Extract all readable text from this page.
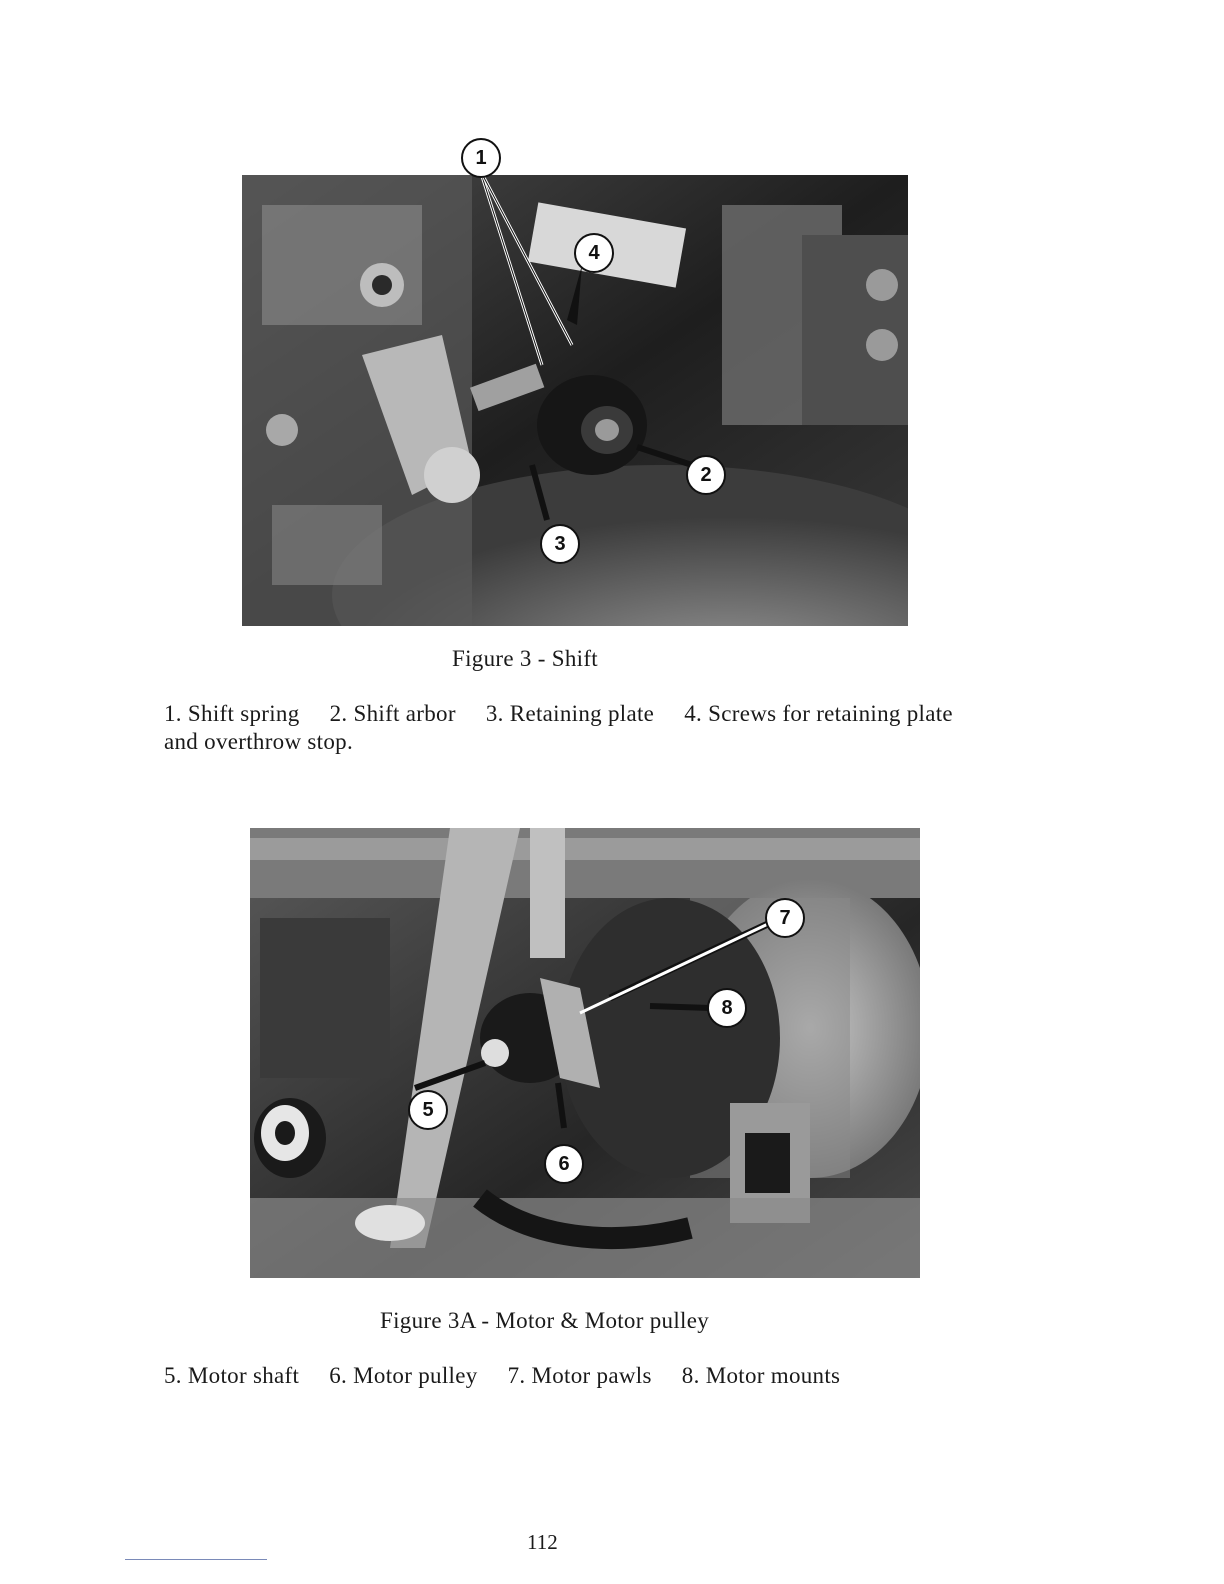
1
4
2
3
Figure 3 - Shift
1. Shift spring 2. Shift arbor 3. Retaining plate 4. Screws for retaining plate and overthrow stop.
7
8
5
6
Figure 3A - Motor & Motor pulley
5. Motor shaft 6. Motor pulley 7. Motor pawls 8. Motor mounts
112
